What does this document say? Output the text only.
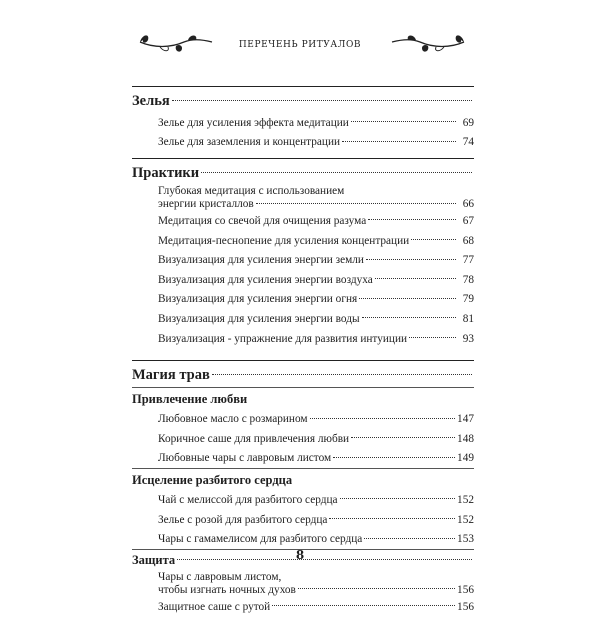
ПЕРЕЧЕНЬ РИТУАЛОВ
Зелья
Зелье для усиления эффекта медитации	69
Зелье для заземления и концентрации	74
Практики
Глубокая медитация с использованием
энергии кристаллов	66
Медитация со свечой для очищения разума	67
Медитация-песнопение для усиления концентрации	68
Визуализация для усиления энергии земли	77
Визуализация для усиления энергии воздуха	78
Визуализация для усиления энергии огня	79
Визуализация для усиления энергии воды	81
Визуализация - упражнение для развития интуиции	93
Магия трав
Привлечение любви
Любовное масло с розмарином	147
Коричное саше для привлечения любви	148
Любовные чары с лавровым листом	149
Исцеление разбитого сердца
Чай с мелиссой для разбитого сердца	152
Зелье с розой для разбитого сердца	152
Чары с гамамелисом для разбитого сердца	153
Защита
Чары с лавровым листом,
чтобы изгнать ночных духов	156
Защитное саше с рутой	156
8
